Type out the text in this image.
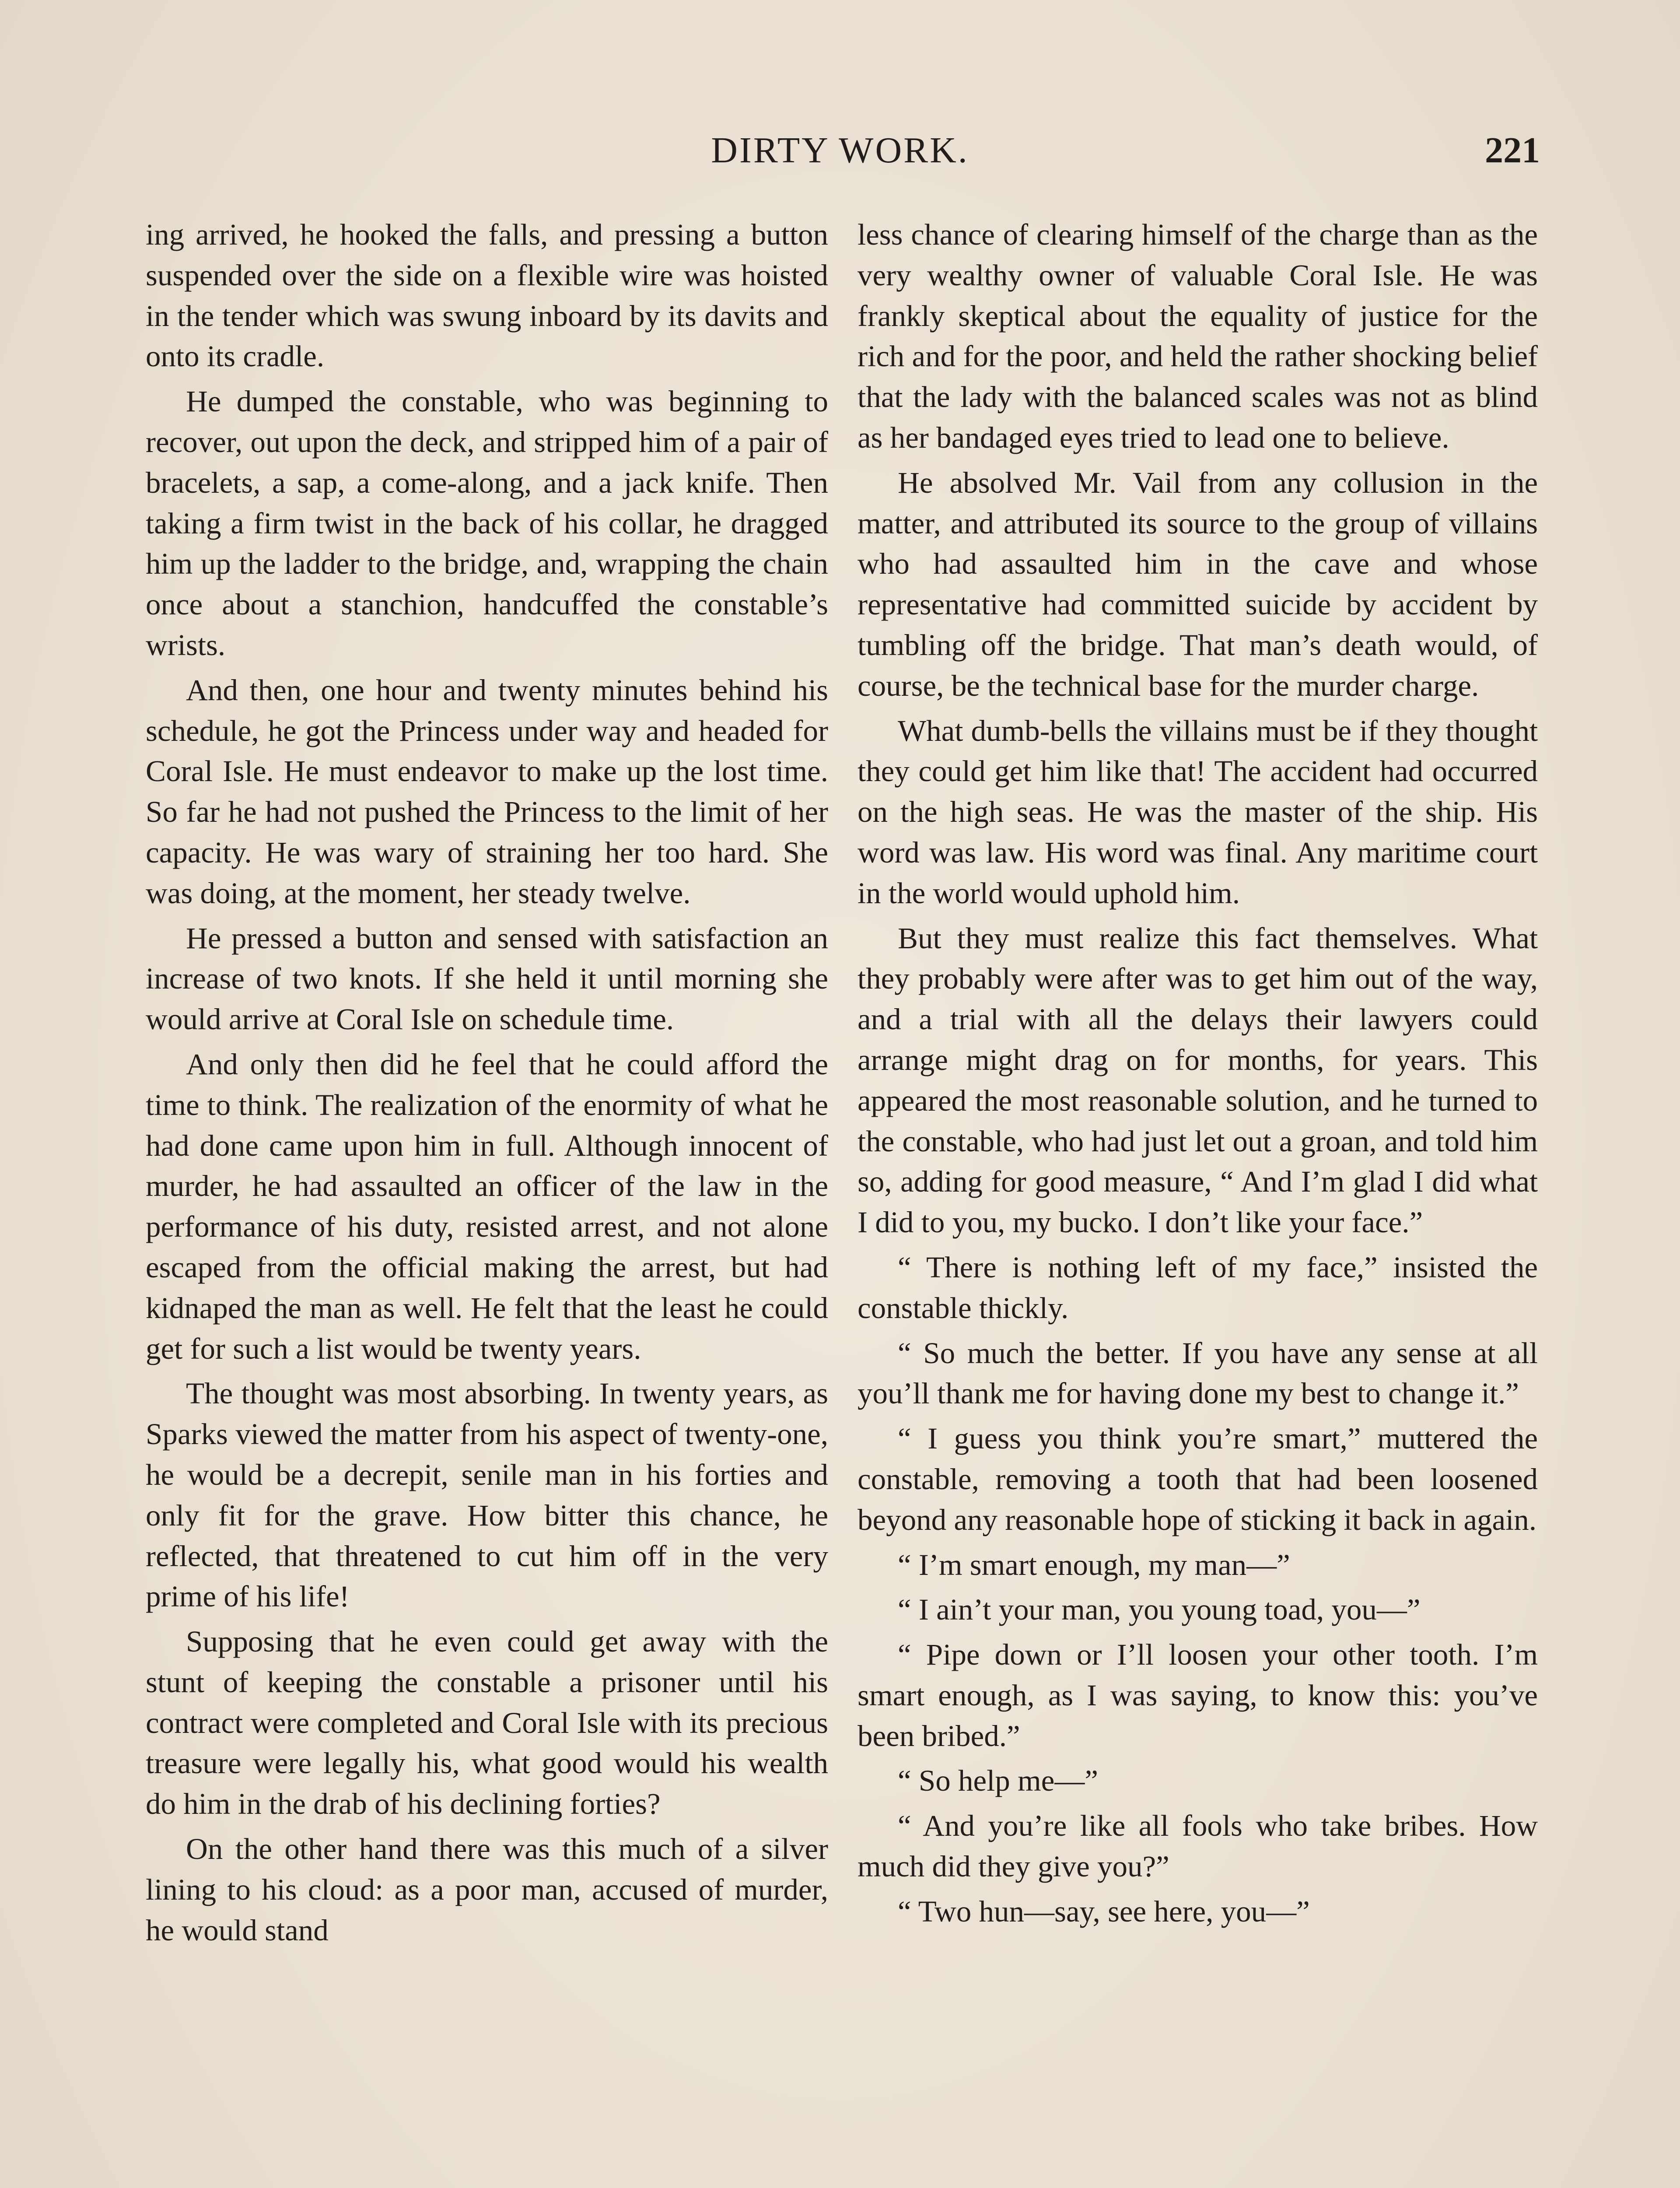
DIRTY WORK.	221

ing arrived, he hooked the falls, and pressing a button suspended over the side on a flexible wire was hoisted in the tender which was swung inboard by its davits and onto its cradle.

He dumped the constable, who was beginning to recover, out upon the deck, and stripped him of a pair of bracelets, a sap, a come-along, and a jack knife. Then taking a firm twist in the back of his collar, he dragged him up the ladder to the bridge, and, wrapping the chain once about a stanchion, handcuffed the constable’s wrists.

And then, one hour and twenty minutes behind his schedule, he got the Princess under way and headed for Coral Isle. He must endeavor to make up the lost time. So far he had not pushed the Princess to the limit of her capacity. He was wary of straining her too hard. She was doing, at the moment, her steady twelve.

He pressed a button and sensed with satisfaction an increase of two knots. If she held it until morning she would arrive at Coral Isle on schedule time.

And only then did he feel that he could afford the time to think. The realization of the enormity of what he had done came upon him in full. Although innocent of murder, he had assaulted an officer of the law in the performance of his duty, resisted arrest, and not alone escaped from the official making the arrest, but had kidnaped the man as well. He felt that the least he could get for such a list would be twenty years.

The thought was most absorbing. In twenty years, as Sparks viewed the matter from his aspect of twenty-one, he would be a decrepit, senile man in his forties and only fit for the grave. How bitter this chance, he reflected, that threatened to cut him off in the very prime of his life!

Supposing that he even could get away with the stunt of keeping the constable a prisoner until his contract were completed and Coral Isle with its precious treasure were legally his, what good would his wealth do him in the drab of his declining forties?

On the other hand there was this much of a silver lining to his cloud: as a poor man, accused of murder, he would stand

less chance of clearing himself of the charge than as the very wealthy owner of valuable Coral Isle. He was frankly skeptical about the equality of justice for the rich and for the poor, and held the rather shocking belief that the lady with the balanced scales was not as blind as her bandaged eyes tried to lead one to believe.

He absolved Mr. Vail from any collusion in the matter, and attributed its source to the group of villains who had assaulted him in the cave and whose representative had committed suicide by accident by tumbling off the bridge. That man’s death would, of course, be the technical base for the murder charge.

What dumb-bells the villains must be if they thought they could get him like that! The accident had occurred on the high seas. He was the master of the ship. His word was law. His word was final. Any maritime court in the world would uphold him.

But they must realize this fact themselves. What they probably were after was to get him out of the way, and a trial with all the delays their lawyers could arrange might drag on for months, for years. This appeared the most reasonable solution, and he turned to the constable, who had just let out a groan, and told him so, adding for good measure, “ And I’m glad I did what I did to you, my bucko. I don’t like your face.”

“ There is nothing left of my face,” insisted the constable thickly.

“ So much the better. If you have any sense at all you’ll thank me for having done my best to change it.”

“ I guess you think you’re smart,” muttered the constable, removing a tooth that had been loosened beyond any reasonable hope of sticking it back in again.

“ I’m smart enough, my man—”

“ I ain’t your man, you young toad, you—”

“ Pipe down or I’ll loosen your other tooth. I’m smart enough, as I was saying, to know this: you’ve been bribed.”

“ So help me—”

“ And you’re like all fools who take bribes. How much did they give you?”

“ Two hun—say, see here, you—”
